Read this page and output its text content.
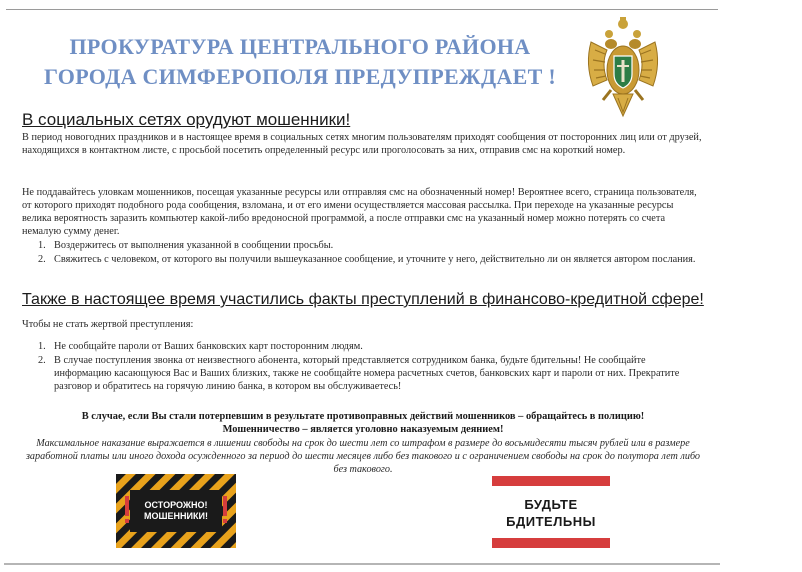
ПРОКУРАТУРА ЦЕНТРАЛЬНОГО РАЙОНА
ГОРОДА СИМФЕРОПОЛЯ ПРЕДУПРЕЖДАЕТ !
В социальных сетях орудуют мошенники!
В период новогодних праздников и в настоящее время в социальных сетях многим пользователям приходят сообщения от посторонних лиц или от друзей, находящихся в контактном листе, с просьбой посетить определенный ресурс или проголосовать за них, отправив смс на короткий номер.
Не поддавайтесь уловкам мошенников, посещая указанные ресурсы или отправляя смс на обозначенный номер! Вероятнее всего, страница пользователя, от которого приходят подобного рода сообщения, взломана, и от его имени осуществляется массовая рассылка. При переходе на указанные ресурсы велика вероятность заразить компьютер какой-либо вредоносной программой, а после отправки смс на указанный номер можно потерять со счета немалую сумму денег.
1. Воздержитесь от выполнения указанной в сообщении просьбы.
2. Свяжитесь с человеком, от которого вы получили вышеуказанное сообщение, и уточните у него, действительно ли он является автором послания.
Также в настоящее время участились факты преступлений в финансово-кредитной сфере!
Чтобы не стать жертвой преступления:
1. Не сообщайте пароли от Ваших банковских карт посторонним людям.
2. В случае поступления звонка от неизвестного абонента, который представляется сотрудником банка, будьте бдительны! Не сообщайте информацию касающуюся Вас и Ваших близких, также не сообщайте номера расчетных счетов, банковских карт и пароли от них. Прекратите разговор и обратитесь на горячую линию банка, в котором вы обслуживаетесь!
В случае, если Вы стали потерпевшим в результате противоправных действий мошенников – обращайтесь в полицию!
Мошенничество – является уголовно наказуемым деянием!
Максимальное наказание выражается в лишении свободы на срок до шести лет со штрафом в размере до восьмидесяти тысяч рублей или в размере заработной платы или иного дохода осужденного за период до шести месяцев либо без такового и с ограничением свободы на срок до полутора лет либо без такового.
ОСТОРОЖНО!
МОШЕННИКИ!
БУДЬТЕ
БДИТЕЛЬНЫ
